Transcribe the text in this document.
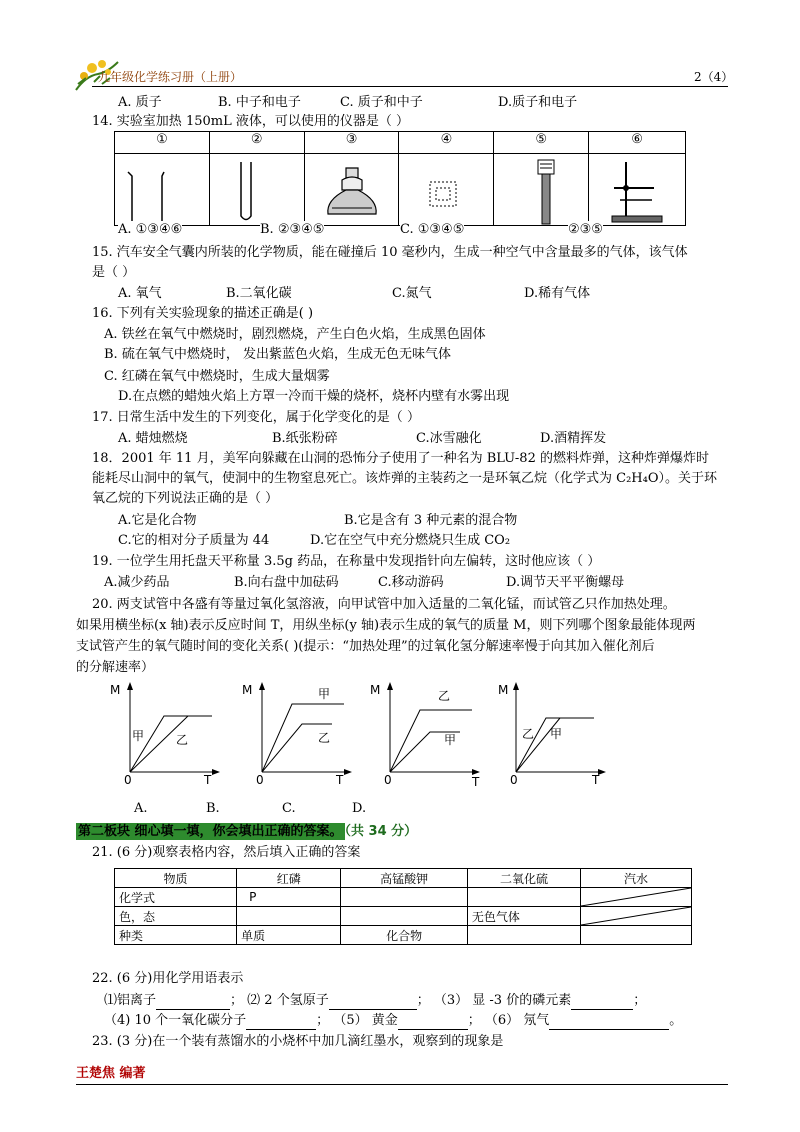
九年级化学练习册（上册）	2（4）
A. 质子	B. 中子和电子	C. 质子和中子	D.质子和电子
14. 实验室加热 150mL 液体，可以使用的仪器是（ ）
①	②	③	④	⑤	⑥

A. ①③④⑥	B. ②③④⑤	C. ①③④⑤	②③⑤
15. 汽车安全气囊内所装的化学物质，能在碰撞后 10 毫秒内，生成一种空气中含量最多的气体，该气体
是（ ）
A. 氧气	B.二氧化碳	C.氮气	D.稀有气体
16. 下列有关实验现象的描述正确是( )
A. 铁丝在氧气中燃烧时，剧烈燃烧，产生白色火焰，生成黑色固体
B. 硫在氧气中燃烧时， 发出紫蓝色火焰，生成无色无味气体
C. 红磷在氧气中燃烧时，生成大量烟雾
D.在点燃的蜡烛火焰上方罩一冷而干燥的烧杯，烧杯内壁有水雾出现
17. 日常生活中发生的下列变化，属于化学变化的是（ ）
A. 蜡烛燃烧	B.纸张粉碎	C.冰雪融化	D.酒精挥发
18．2001 年 11 月，美军向躲藏在山洞的恐怖分子使用了一种名为 BLU-82 的燃料炸弹，这种炸弹爆炸时
能耗尽山洞中的氧气，使洞中的生物窒息死亡。该炸弹的主装药之一是环氧乙烷（化学式为 C₂H₄O）。关于环
氧乙烷的下列说法正确的是（ ）
A.它是化合物	B.它是含有 3 种元素的混合物
C.它的相对分子质量为 44	D.它在空气中充分燃烧只生成 CO₂
19. 一位学生用托盘天平称量 3.5g 药品，在称量中发现指针向左偏转，这时他应该（ ）
A.减少药品	B.向右盘中加砝码	C.移动游码	D.调节天平平衡螺母
20. 两支试管中各盛有等量过氧化氢溶液，向甲试管中加入适量的二氧化锰，而试管乙只作加热处理。
如果用横坐标(x 轴)表示反应时间 T，用纵坐标(y 轴)表示生成的氧气的质量 M，则下列哪个图象最能体现两
支试管产生的氧气随时间的变化关系( )(提示：“加热处理”的过氧化氢分解速率慢于向其加入催化剂后
的分解速率）
M
0	T
甲	乙
M
0	T
甲
乙
M
0	T
乙
甲
M
0	T
乙 甲
A.	B.	C.	D.
第二板块 细心填一填，你会填出正确的答案。 （共 34 分）
21. (6 分)观察表格内容，然后填入正确的答案
物质	红磷	高锰酸钾	二氧化硫	汽水
化学式	P			

色，态			无色气体	

种类	单质	化合物		
22. (6 分)用化学用语表示
⑴铝离子	； ⑵ 2 个氢原子	； （3） 显 -3 价的磷元素	；
（4) 10 个一氧化碳分子	； （5） 黄金	； （6） 氖气	。
23. (3 分)在一个装有蒸馏水的小烧杯中加几滴红墨水，观察到的现象是
王楚焦 编著
